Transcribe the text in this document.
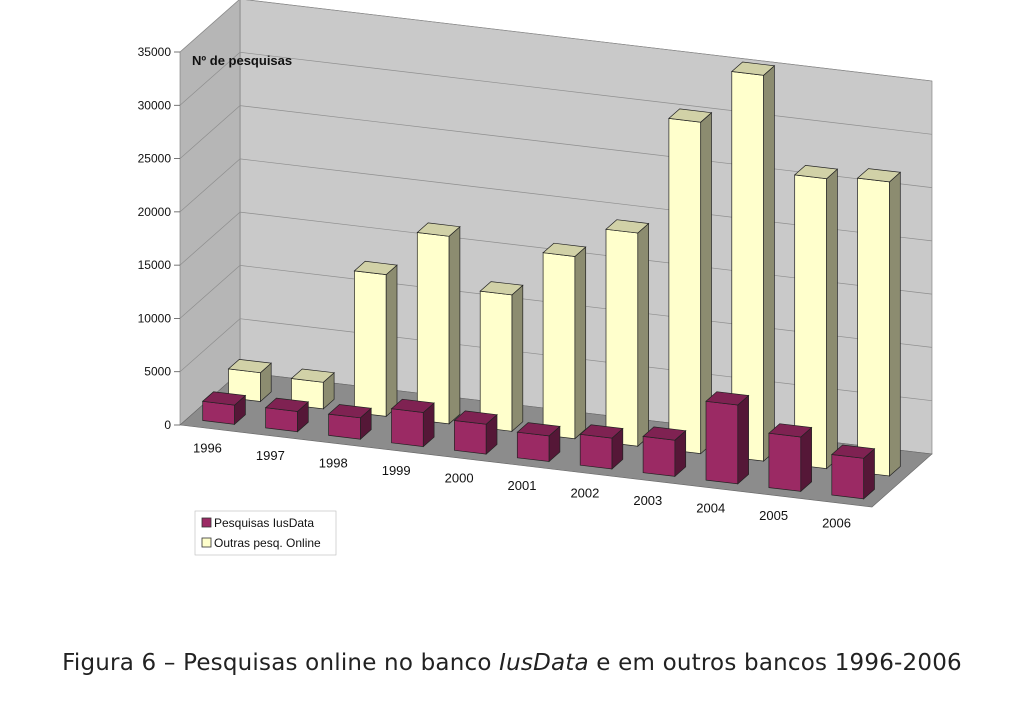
0
5000
10000
15000
20000
25000
30000
35000
Nº de pesquisas
1996	1997	1998	1999	2000	2001	2002	2003	2004	2005	2006
Pesquisas IusData
Outras pesq. Online
Figura 6 – Pesquisas online no banco IusData e em outros bancos 1996-2006
